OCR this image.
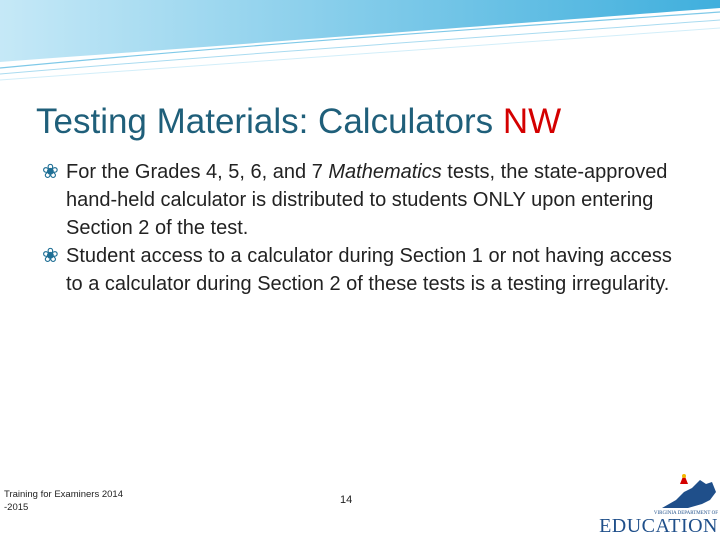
Testing Materials: Calculators NW
❀ For the Grades 4, 5, 6, and 7 Mathematics tests, the state-approved hand-held calculator is distributed to students ONLY upon entering Section 2 of the test.
❀ Student access to a calculator during Section 1 or not having access to a calculator during Section 2 of these tests is a testing irregularity.
Training for Examiners 2014
-2015
14
VIRGINIA DEPARTMENT OF
EDUCATION
